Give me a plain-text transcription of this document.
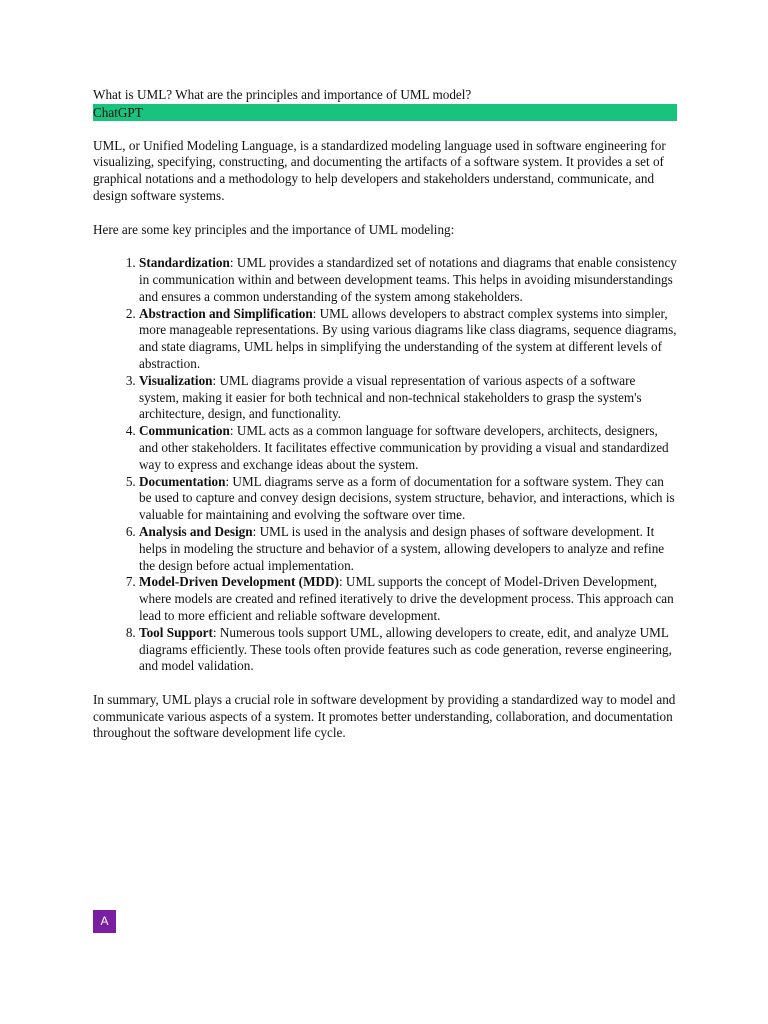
What is UML? What are the principles and importance of UML model?

ChatGPT

UML, or Unified Modeling Language, is a standardized modeling language used in software engineering for visualizing, specifying, constructing, and documenting the artifacts of a software system. It provides a set of graphical notations and a methodology to help developers and stakeholders understand, communicate, and design software systems.

Here are some key principles and the importance of UML modeling:

1. Standardization: UML provides a standardized set of notations and diagrams that enable consistency in communication within and between development teams. This helps in avoiding misunderstandings and ensures a common understanding of the system among stakeholders.
2. Abstraction and Simplification: UML allows developers to abstract complex systems into simpler, more manageable representations. By using various diagrams like class diagrams, sequence diagrams, and state diagrams, UML helps in simplifying the understanding of the system at different levels of abstraction.
3. Visualization: UML diagrams provide a visual representation of various aspects of a software system, making it easier for both technical and non-technical stakeholders to grasp the system's architecture, design, and functionality.
4. Communication: UML acts as a common language for software developers, architects, designers, and other stakeholders. It facilitates effective communication by providing a visual and standardized way to express and exchange ideas about the system.
5. Documentation: UML diagrams serve as a form of documentation for a software system. They can be used to capture and convey design decisions, system structure, behavior, and interactions, which is valuable for maintaining and evolving the software over time.
6. Analysis and Design: UML is used in the analysis and design phases of software development. It helps in modeling the structure and behavior of a system, allowing developers to analyze and refine the design before actual implementation.
7. Model-Driven Development (MDD): UML supports the concept of Model-Driven Development, where models are created and refined iteratively to drive the development process. This approach can lead to more efficient and reliable software development.
8. Tool Support: Numerous tools support UML, allowing developers to create, edit, and analyze UML diagrams efficiently. These tools often provide features such as code generation, reverse engineering, and model validation.

In summary, UML plays a crucial role in software development by providing a standardized way to model and communicate various aspects of a system. It promotes better understanding, collaboration, and documentation throughout the software development life cycle.

A
